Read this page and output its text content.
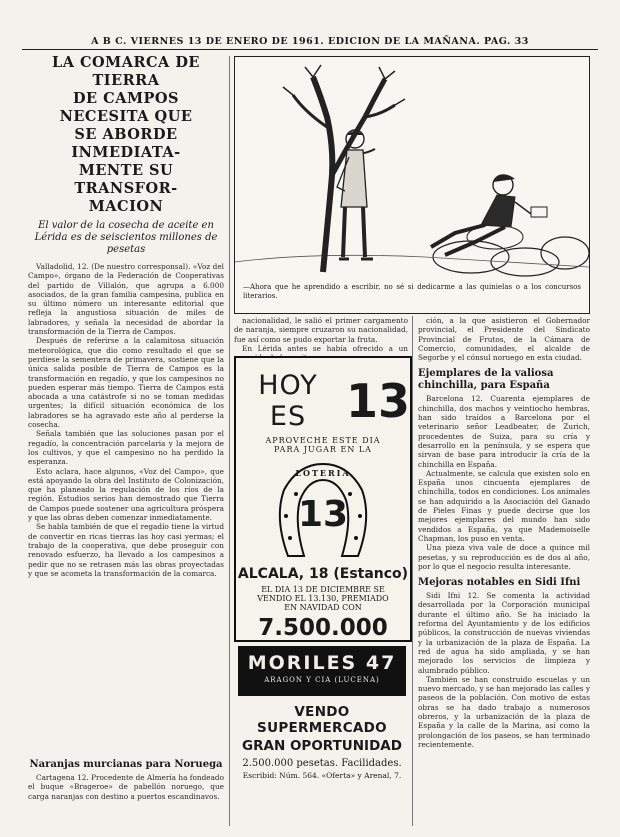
A B C. VIERNES 13 DE ENERO DE 1961. EDICION DE LA MAÑANA. PAG. 33

LA COMARCA DE TIERRA

DE CAMPOS NECESITA QUE

SE ABORDE INMEDIATA-

MENTE SU TRANSFOR-

MACION

El valor de la cosecha de aceite en Lérida es de seiscientos millones de pesetas

Valladolid, 12. (De nuestro corresponsal). «Voz del Campo», órgano de la Federación de Cooperativas del partido de Villalón, que agrupa a 6.000 asociados, de la gran familia campesina, publica en su último número un interesante editorial que refleja la angustiosa situación de miles de labradores, y señala la necesidad de abordar la transformación de la Tierra de Campos.

Después de referirse a la calamitosa situación meteorológica, que dio como resultado el que se perdiese la sementera de primavera, sostiene que la única salida posible de Tierra de Campos es la transformación en regadío, y que los campesinos no pueden esperar más tiempo. Tierra de Campos está abocada a una catástrofe si no se toman medidas urgentes; la difícil situación económica de los labradores se ha agravado este año al perderse la cosecha.

Señala también que las soluciones pasan por el regadío, la concentración parcelaria y la mejora de los cultivos, y que el campesino no ha perdido la esperanza.

Esto aclara, hace algunos, «Voz del Campo», que está apoyando la obra del Instituto de Colonización, que ha planeado la regulación de los ríos de la región. Estudios serios han demostrado que Tierra de Campos puede sostener una agricultura próspera y que las obras deben comenzar inmediatamente.

Se habla también de que el regadío tiene la virtud de convertir en ricas tierras las hoy casi yermas; el trabajo de la cooperativa, que debe proseguir con renovado esfuerzo, ha llevado a los campesinos a pedir que no se retrasen más las obras proyectadas y que se acometa la transformación de la comarca.

Naranjas murcianas para Noruega

Cartagena 12. Procedente de Almería ha fondeado el buque «Brageroe» de pabellón noruego, que carga naranjas con destino a puertos escandinavos.

—Ahora que he aprendido a escribir, no sé si dedicarme a las quinielas o a los concursos literarios.

nacionalidad, le salió el primer cargamento de naranja, siempre cruzaron su nacionalidad, fue así como se pudo exportar la fruta.

En Lérida antes se había ofrecido a un

HOY ES 13
APROVECHE ESTE DIA
PARA JUGAR EN LA
LOTERIA
13
ALCALA, 18 (Estanco)
EL DIA 13 DE DICIEMBRE SE
VENDIO EL 13.130, PREMIADO
EN NAVIDAD CON
7.500.000
MORILES 47
ARAGON Y CIA (LUCENA)
VENDO SUPERMERCADO
GRAN OPORTUNIDAD
2.500.000 pesetas. Facilidades.
Escribid: Núm. 564. «Oferta» y Arenal, 7.

ción, a la que asistieron el Gobernador provincial, el Presidente del Sindicato Provincial de Frutos, de la Cámara de Comercio, comunidades, el alcalde de Segorbe y el cónsul noruego en esta ciudad.

Ejemplares de la valiosa chinchilla, para España

Barcelona 12. Cuarenta ejemplares de chinchilla, dos machos y veintiocho hembras, han sido traídos a Barcelona por el veterinario señor Leadbeater, de Zurich, procedentes de Suiza, para su cría y desarrollo en la península, y se espera que sirvan de base para introducir la cría de la chinchilla en España.

Actualmente, se calcula que existen solo en España unos cincuenta ejemplares de chinchilla, todos en condiciones. Los animales se han adquirido a la Asociación del Ganado de Pieles Finas y puede decirse que los mejores ejemplares del mundo han sido vendidos a España, ya que Mademoiselle Chapman, los puso en venta.

Una pieza viva vale de doce a quince mil pesetas, y su reproducción es de dos al año, por lo que el negocio resulta interesante.

Mejoras notables en Sidi Ifni

Sidi Ifni 12. Se comenta la actividad desarrollada por la Corporación municipal durante el último año. Se ha iniciado la reforma del Ayuntamiento y de los edificios públicos, la construcción de nuevas viviendas y la urbanización de la plaza de España. La red de agua ha sido ampliada, y se han mejorado los servicios de limpieza y alumbrado público.

También se han construido escuelas y un nuevo mercado, y se han mejorado las calles y paseos de la población. Con motivo de estas obras se ha dado trabajo a numerosos obreros, y la urbanización de la plaza de España y la calle de la Marina, así como la prolongación de los paseos, se han terminado recientemente.
